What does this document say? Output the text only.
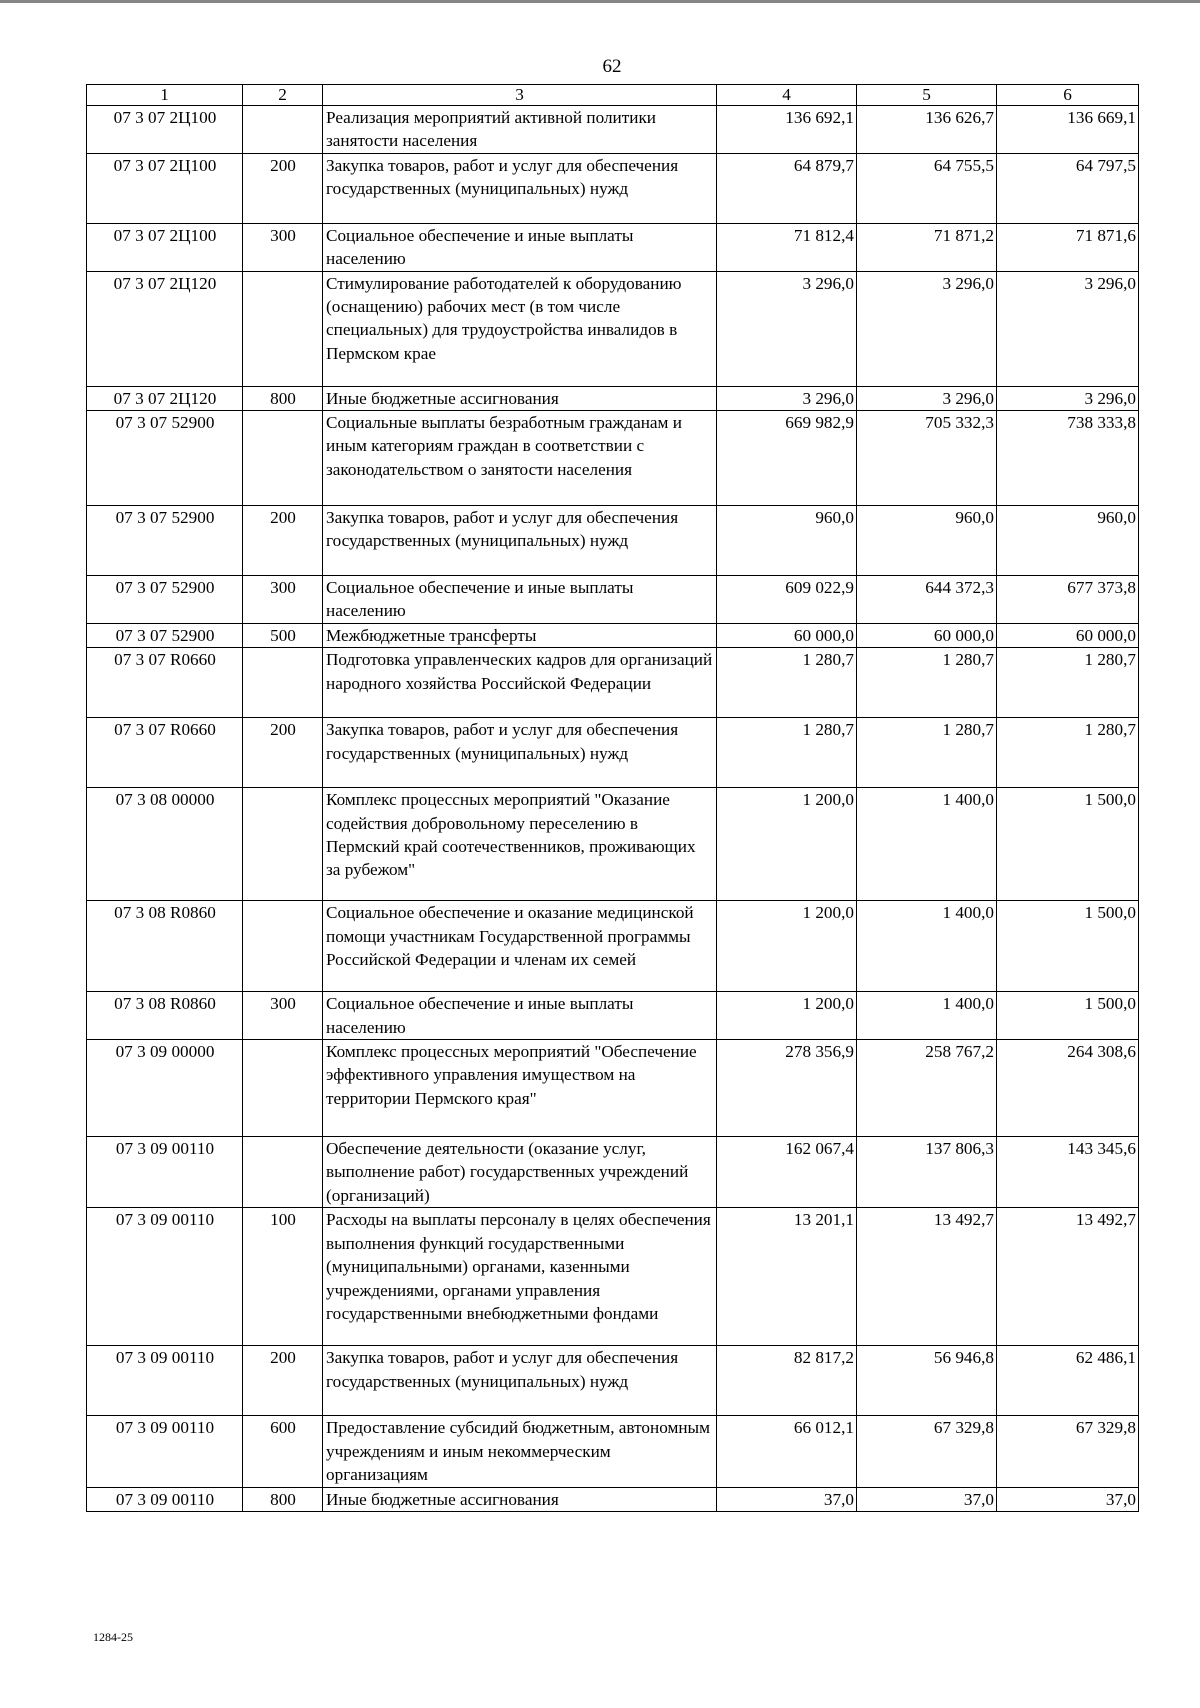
62
1	2	3	4	5	6
07 3 07 2Ц100		Реализация мероприятий активной политики занятости населения	136 692,1	136 626,7	136 669,1
07 3 07 2Ц100	200	Закупка товаров, работ и услуг для обеспечения государственных (муниципальных) нужд	64 879,7	64 755,5	64 797,5
07 3 07 2Ц100	300	Социальное обеспечение и иные выплаты населению	71 812,4	71 871,2	71 871,6
07 3 07 2Ц120		Стимулирование работодателей к оборудованию (оснащению) рабочих мест (в том числе специальных) для трудоустройства инвалидов в Пермском крае	3 296,0	3 296,0	3 296,0
07 3 07 2Ц120	800	Иные бюджетные ассигнования	3 296,0	3 296,0	3 296,0
07 3 07 52900		Социальные выплаты безработным гражданам и иным категориям граждан в соответствии с законодательством о занятости населения	669 982,9	705 332,3	738 333,8
07 3 07 52900	200	Закупка товаров, работ и услуг для обеспечения государственных (муниципальных) нужд	960,0	960,0	960,0
07 3 07 52900	300	Социальное обеспечение и иные выплаты населению	609 022,9	644 372,3	677 373,8
07 3 07 52900	500	Межбюджетные трансферты	60 000,0	60 000,0	60 000,0
07 3 07 R0660		Подготовка управленческих кадров для организаций народного хозяйства Российской Федерации	1 280,7	1 280,7	1 280,7
07 3 07 R0660	200	Закупка товаров, работ и услуг для обеспечения государственных (муниципальных) нужд	1 280,7	1 280,7	1 280,7
07 3 08 00000		Комплекс процессных мероприятий "Оказание содействия добровольному переселению в Пермский край соотечественников, проживающих за рубежом"	1 200,0	1 400,0	1 500,0
07 3 08 R0860		Социальное обеспечение и оказание медицинской помощи участникам Государственной программы Российской Федерации и членам их семей	1 200,0	1 400,0	1 500,0
07 3 08 R0860	300	Социальное обеспечение и иные выплаты населению	1 200,0	1 400,0	1 500,0
07 3 09 00000		Комплекс процессных мероприятий "Обеспечение эффективного управления имуществом на территории Пермского края"	278 356,9	258 767,2	264 308,6
07 3 09 00110		Обеспечение деятельности (оказание услуг, выполнение работ) государственных учреждений (организаций)	162 067,4	137 806,3	143 345,6
07 3 09 00110	100	Расходы на выплаты персоналу в целях обеспечения выполнения функций государственными (муниципальными) органами, казенными учреждениями, органами управления государственными внебюджетными фондами	13 201,1	13 492,7	13 492,7
07 3 09 00110	200	Закупка товаров, работ и услуг для обеспечения государственных (муниципальных) нужд	82 817,2	56 946,8	62 486,1
07 3 09 00110	600	Предоставление субсидий бюджетным, автономным учреждениям и иным некоммерческим организациям	66 012,1	67 329,8	67 329,8
07 3 09 00110	800	Иные бюджетные ассигнования	37,0	37,0	37,0
1284-25
